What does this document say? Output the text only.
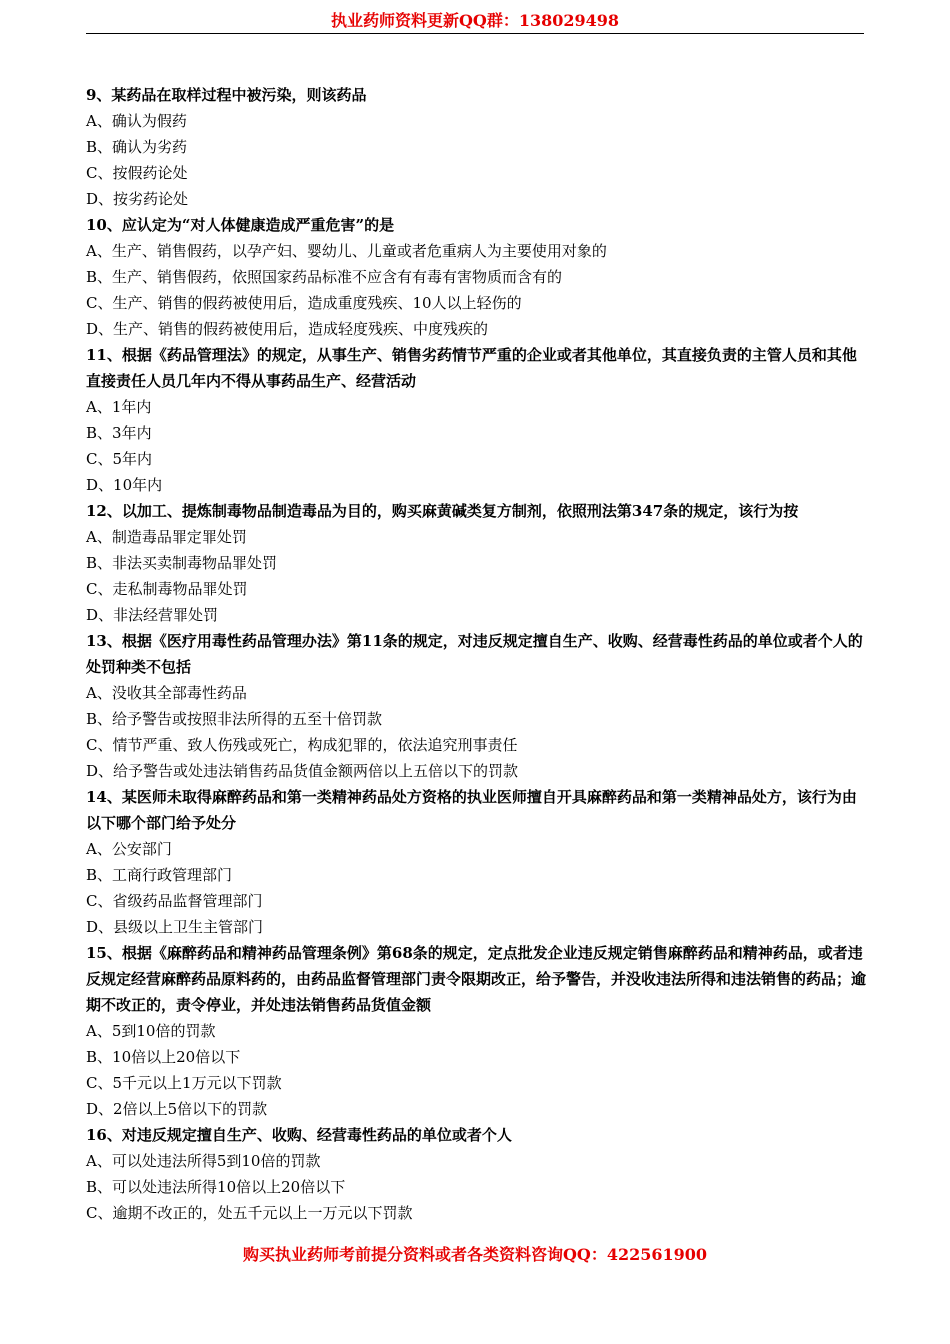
执业药师资料更新QQ群：138029498
9、某药品在取样过程中被污染，则该药品
A、确认为假药
B、确认为劣药
C、按假药论处
D、按劣药论处
10、应认定为“对人体健康造成严重危害”的是
A、生产、销售假药，以孕产妇、婴幼儿、儿童或者危重病人为主要使用对象的
B、生产、销售假药，依照国家药品标准不应含有有毒有害物质而含有的
C、生产、销售的假药被使用后，造成重度残疾、10人以上轻伤的
D、生产、销售的假药被使用后，造成轻度残疾、中度残疾的
11、根据《药品管理法》的规定，从事生产、销售劣药情节严重的企业或者其他单位，其直接负责的主管人员和其他直接责任人员几年内不得从事药品生产、经营活动
A、1年内
B、3年内
C、5年内
D、10年内
12、以加工、提炼制毒物品制造毒品为目的，购买麻黄碱类复方制剂，依照刑法第347条的规定，该行为按
A、制造毒品罪定罪处罚
B、非法买卖制毒物品罪处罚
C、走私制毒物品罪处罚
D、非法经营罪处罚
13、根据《医疗用毒性药品管理办法》第11条的规定，对违反规定擅自生产、收购、经营毒性药品的单位或者个人的处罚种类不包括
A、没收其全部毒性药品
B、给予警告或按照非法所得的五至十倍罚款
C、情节严重、致人伤残或死亡，构成犯罪的，依法追究刑事责任
D、给予警告或处违法销售药品货值金额两倍以上五倍以下的罚款
14、某医师未取得麻醉药品和第一类精神药品处方资格的执业医师擅自开具麻醉药品和第一类精神品处方，该行为由以下哪个部门给予处分
A、公安部门
B、工商行政管理部门
C、省级药品监督管理部门
D、县级以上卫生主管部门
15、根据《麻醉药品和精神药品管理条例》第68条的规定，定点批发企业违反规定销售麻醉药品和精神药品，或者违反规定经营麻醉药品原料药的，由药品监督管理部门责令限期改正，给予警告，并没收违法所得和违法销售的药品；逾期不改正的，责令停业，并处违法销售药品货值金额
A、5到10倍的罚款
B、10倍以上20倍以下
C、5千元以上1万元以下罚款
D、2倍以上5倍以下的罚款
16、对违反规定擅自生产、收购、经营毒性药品的单位或者个人
A、可以处违法所得5到10倍的罚款
B、可以处违法所得10倍以上20倍以下
C、逾期不改正的，处五千元以上一万元以下罚款
购买执业药师考前提分资料或者各类资料咨询QQ：422561900
